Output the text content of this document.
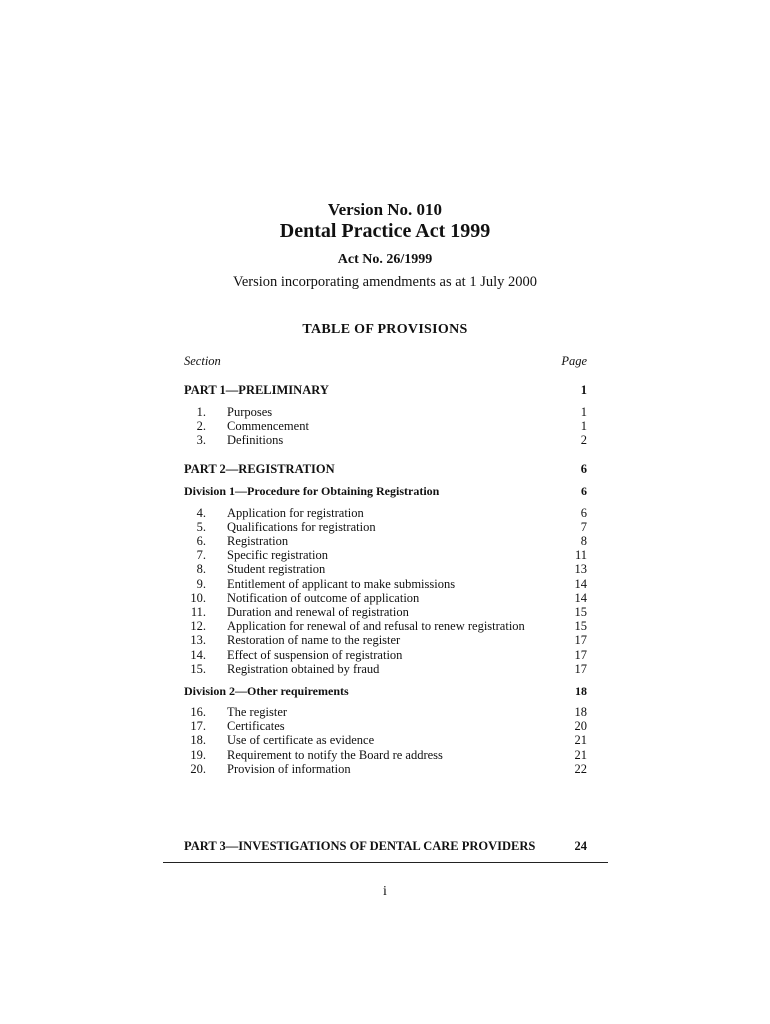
Version No. 010
Dental Practice Act 1999
Act No. 26/1999
Version incorporating amendments as at 1 July 2000
TABLE OF PROVISIONS
Section	Page
PART 1—PRELIMINARY	1
1. Purposes	1
2. Commencement	1
3. Definitions	2
PART 2—REGISTRATION	6
Division 1—Procedure for Obtaining Registration	6
4. Application for registration	6
5. Qualifications for registration	7
6. Registration	8
7. Specific registration	11
8. Student registration	13
9. Entitlement of applicant to make submissions	14
10. Notification of outcome of application	14
11. Duration and renewal of registration	15
12. Application for renewal of and refusal to renew registration	15
13. Restoration of name to the register	17
14. Effect of suspension of registration	17
15. Registration obtained by fraud	17
Division 2—Other requirements	18
16. The register	18
17. Certificates	20
18. Use of certificate as evidence	21
19. Requirement to notify the Board re address	21
20. Provision of information	22
PART 3—INVESTIGATIONS OF DENTAL CARE PROVIDERS	24
i
